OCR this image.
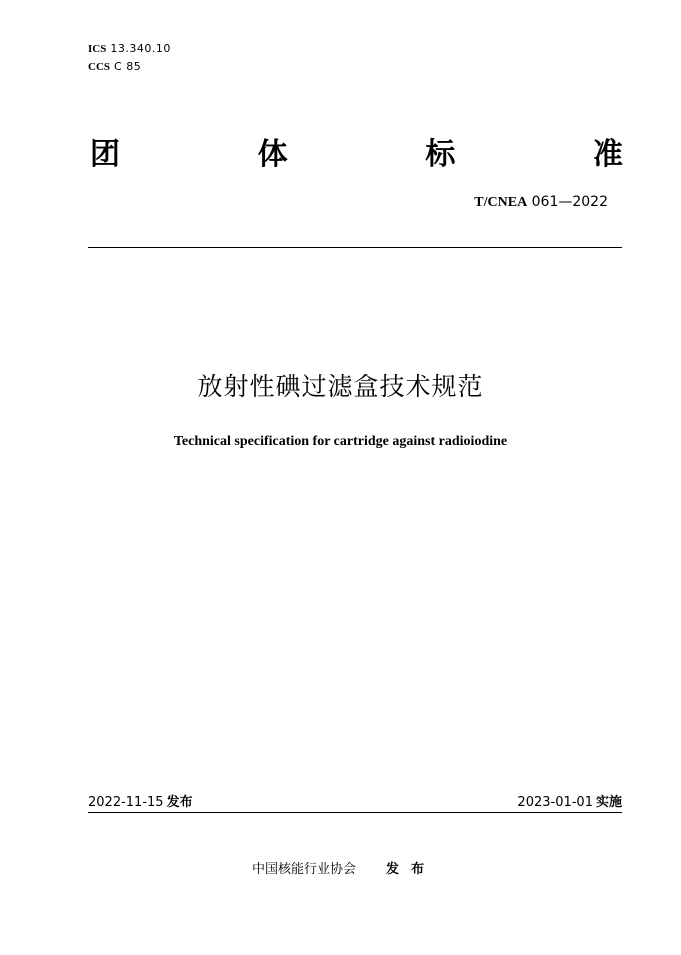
ICS 13.340.10
CCS C 85
团	体	标	准
T/CNEA 061—2022
放射性碘过滤盒技术规范
Technical specification for cartridge against radioiodine
2022-11-15 发布	2023-01-01 实施
中国核能行业协会 发布
